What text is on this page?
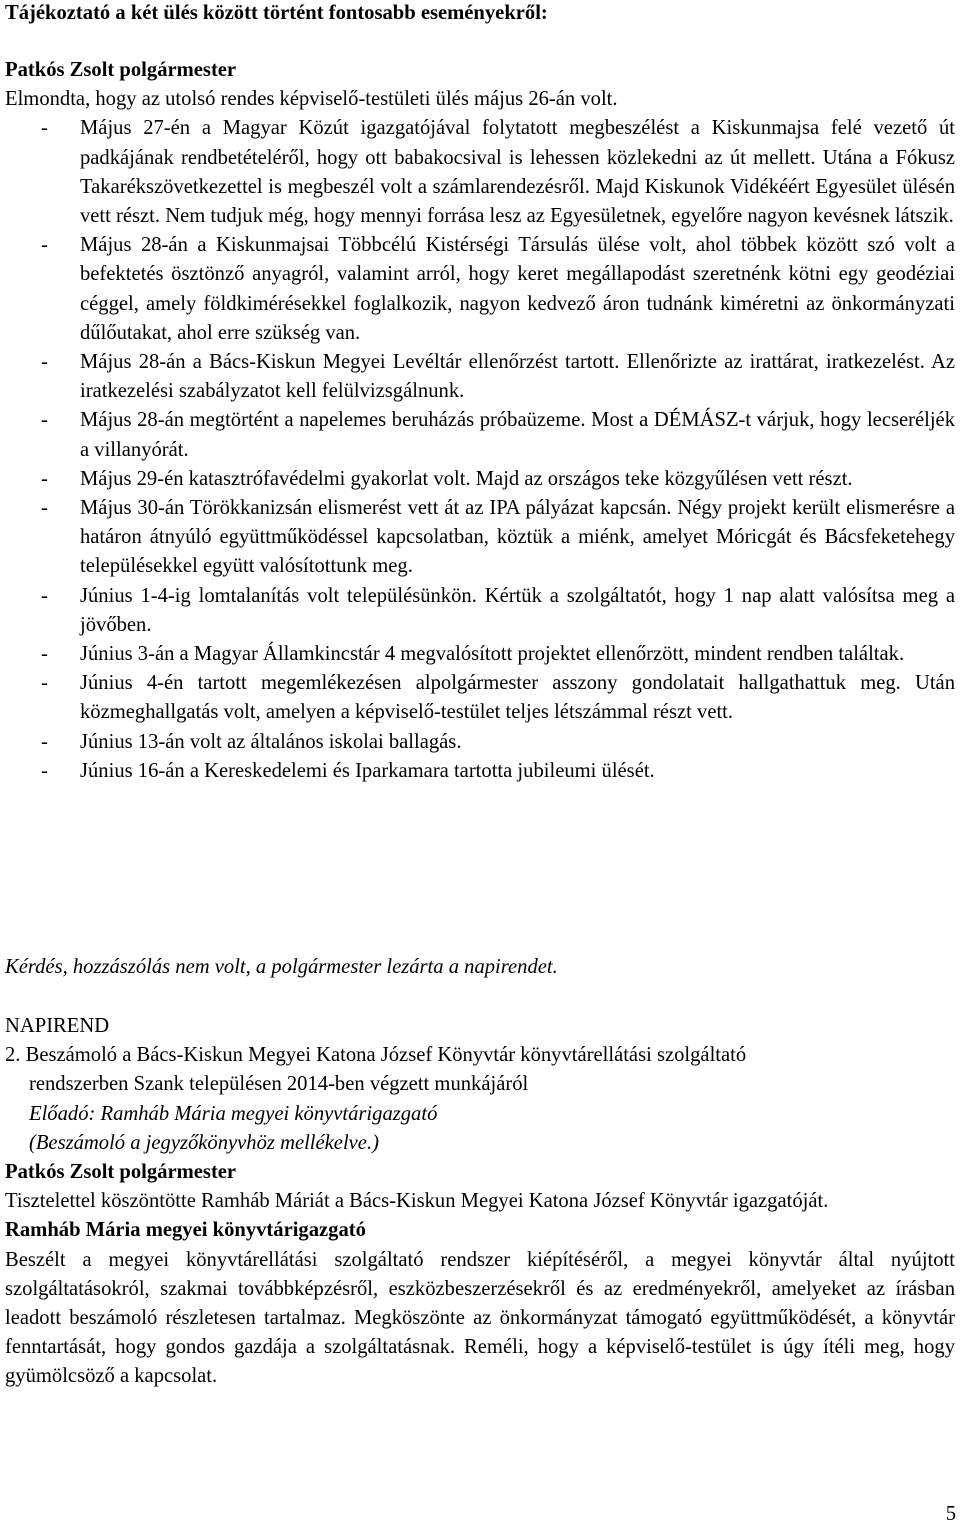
Tájékoztató a két ülés között történt fontosabb eseményekről:
Patkós Zsolt polgármester
Elmondta, hogy az utolsó rendes képviselő-testületi ülés május 26-án volt.
- Május 27-én a Magyar Közút igazgatójával folytatott megbeszélést a Kiskunmajsa felé vezető út padkájának rendbetételéről, hogy ott babakocsival is lehessen közlekedni az út mellett. Utána a Fókusz Takarékszövetkezettel is megbeszél volt a számlarendezésről. Majd Kiskunok Vidékéért Egyesület ülésén vett részt. Nem tudjuk még, hogy mennyi forrása lesz az Egyesületnek, egyelőre nagyon kevésnek látszik.
- Május 28-án a Kiskunmajsai Többcélú Kistérségi Társulás ülése volt, ahol többek között szó volt a befektetés ösztönző anyagról, valamint arról, hogy keret megállapodást szeretnénk kötni egy geodéziai céggel, amely földkimérésekkel foglalkozik, nagyon kedvező áron tudnánk kiméretni az önkormányzati dűlőutakat, ahol erre szükség van.
- Május 28-án a Bács-Kiskun Megyei Levéltár ellenőrzést tartott. Ellenőrizte az irattárat, iratkezelést. Az iratkezelési szabályzatot kell felülvizsgálnunk.
- Május 28-án megtörtént a napelemes beruházás próbaüzeme. Most a DÉMÁSZ-t várjuk, hogy lecseréljék a villanyórát.
- Május 29-én katasztrófavédelmi gyakorlat volt. Majd az országos teke közgyűlésen vett részt.
- Május 30-án Törökkanizsán elismerést vett át az IPA pályázat kapcsán. Négy projekt került elismerésre a határon átnyúló együttműködéssel kapcsolatban, köztük a miénk, amelyet Móricgát és Bácsfeketehegy településekkel együtt valósítottunk meg.
- Június 1-4-ig lomtalanítás volt településünkön. Kértük a szolgáltatót, hogy 1 nap alatt valósítsa meg a jövőben.
- Június 3-án a Magyar Államkincstár 4 megvalósított projektet ellenőrzött, mindent rendben találtak.
- Június 4-én tartott megemlékezésen alpolgármester asszony gondolatait hallgathattuk meg. Után közmeghallgatás volt, amelyen a képviselő-testület teljes létszámmal részt vett.
- Június 13-án volt az általános iskolai ballagás.
- Június 16-án a Kereskedelemi és Iparkamara tartotta jubileumi ülését.
Kérdés, hozzászólás nem volt, a polgármester lezárta a napirendet.
NAPIREND
2. Beszámoló a Bács-Kiskun Megyei Katona József Könyvtár könyvtárellátási szolgáltató
rendszerben Szank településen 2014-ben végzett munkájáról
Előadó: Ramháb Mária megyei könyvtárigazgató
(Beszámoló a jegyzőkönyvhöz mellékelve.)
Patkós Zsolt polgármester

Tisztelettel köszöntötte Ramháb Máriát a Bács-Kiskun Megyei Katona József Könyvtár igazgatóját.

Ramháb Mária megyei könyvtárigazgató

Beszélt a megyei könyvtárellátási szolgáltató rendszer kiépítéséről, a megyei könyvtár által nyújtott szolgáltatásokról, szakmai továbbképzésről, eszközbeszerzésekről és az eredményekről, amelyeket az írásban leadott beszámoló részletesen tartalmaz. Megköszönte az önkormányzat támogató együttműködését, a könyvtár fenntartását, hogy gondos gazdája a szolgáltatásnak. Reméli, hogy a képviselő-testület is úgy ítéli meg, hogy gyümölcsöző a kapcsolat.

5
